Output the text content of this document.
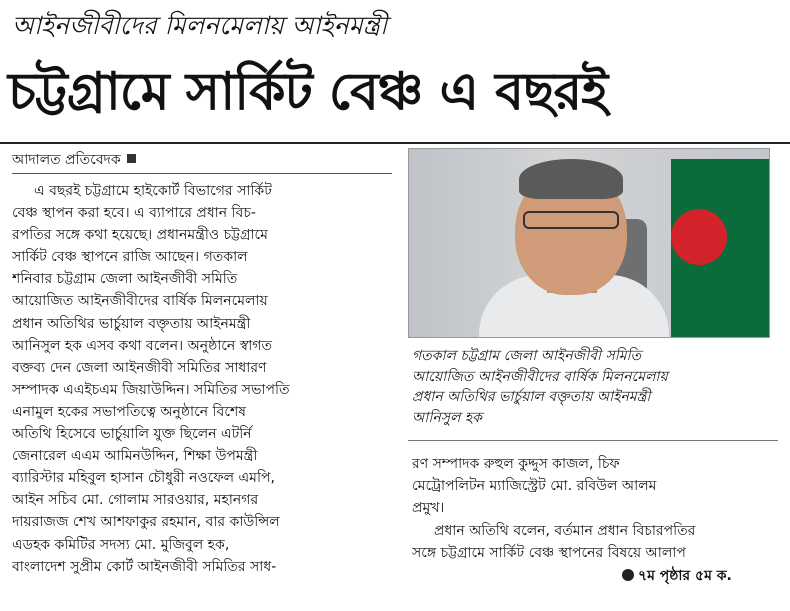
আইনজীবীদের মিলনমেলায় আইনমন্ত্রী
চট্টগ্রামে সার্কিট বেঞ্চ এ বছরই
আদালত প্রতিবেদক
এ বছরই চট্টগ্রামে হাইকোর্ট বিভাগের সার্কিট
বেঞ্চ স্থাপন করা হবে। এ ব্যাপারে প্রধান বিচ-
রপতির সঙ্গে কথা হয়েছে। প্রধানমন্ত্রীও চট্টগ্রামে
সার্কিট বেঞ্চ স্থাপনে রাজি আছেন। গতকাল
শনিবার চট্টগ্রাম জেলা আইনজীবী সমিতি
আয়োজিত আইনজীবীদের বার্ষিক মিলনমেলায়
প্রধান অতিথির ভার্চুয়াল বক্তৃতায় আইনমন্ত্রী
আনিসুল হক এসব কথা বলেন। অনুষ্ঠানে স্বাগত
বক্তব্য দেন জেলা আইনজীবী সমিতির সাধারণ
সম্পাদক এএইচএম জিয়াউদ্দিন। সমিতির সভাপতি
এনামুল হকের সভাপতিত্বে অনুষ্ঠানে বিশেষ
অতিথি হিসেবে ভার্চুয়ালি যুক্ত ছিলেন এটর্নি
জেনারেল এএম আমিনউদ্দিন, শিক্ষা উপমন্ত্রী
ব্যারিস্টার মহিবুল হাসান চৌধুরী নওফেল এমপি,
আইন সচিব মো. গোলাম সারওয়ার, মহানগর
দায়রাজজ শেখ আশফাকুর রহমান, বার কাউন্সিল
এডহক কমিটির সদস্য মো. মুজিবুল হক,
বাংলাদেশ সুপ্রীম কোর্ট আইনজীবী সমিতির সাধ-
গতকাল চট্টগ্রাম জেলা আইনজীবী সমিতি
আয়োজিত আইনজীবীদের বার্ষিক মিলনমেলায়
প্রধান অতিথির ভার্চুয়াল বক্তৃতায় আইনমন্ত্রী
আনিসুল হক
রণ সম্পাদক রুহুল কুদ্দুস কাজল, চিফ
মেট্রোপলিটন ম্যাজিস্ট্রেট মো. রবিউল আলম
প্রমুখ।
প্রধান অতিথি বলেন, বর্তমান প্রধান বিচারপতির
সঙ্গে চট্টগ্রামে সার্কিট বেঞ্চ স্থাপনের বিষয়ে আলাপ
৭ম পৃষ্ঠার ৫ম ক.
